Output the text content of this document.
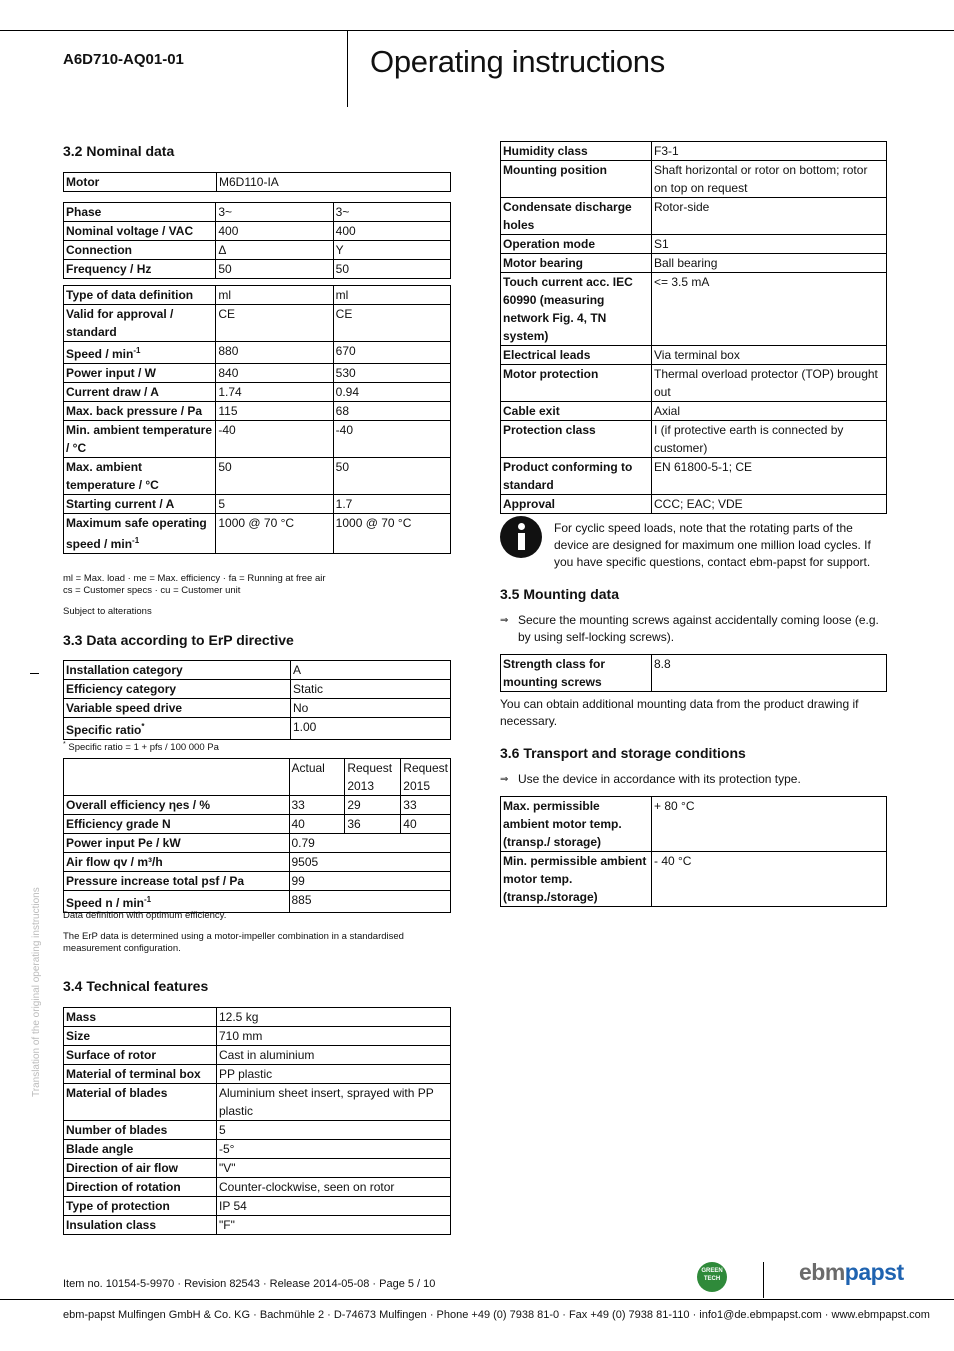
A6D710-AQ01-01	Operating instructions
Translation of the original operating instructions
3.2 Nominal data
Motor	M6D110-IA
Phase	3~	3~
Nominal voltage / VAC	400	400
Connection	Δ	Y
Frequency / Hz	50	50
Type of data definition	ml	ml
Valid for approval / standard	CE	CE
Speed / $\min^{-1}$	880	670
Power input / W	840	530
Current draw / A	1.74	0.94
Max. back pressure / Pa	115	68
Min. ambient temperature / °C	-40	-40
Max. ambient temperature / °C	50	50
Starting current / A	5	1.7
Maximum safe operating speed / $\min^{-1}$	1000 @ 70 °C	1000 @ 70 °C
ml = Max. load · me = Max. efficiency · fa = Running at free air
cs = Customer specs · cu = Customer unit
Subject to alterations
3.3 Data according to ErP directive
Installation category	A
Efficiency category	Static
Variable speed drive	No
Specific ratio*	1.00
* Specific ratio = 1 + pfs / 100 000 Pa
	Actual	Request 2013	Request 2015
Overall efficiency ηes / %	33	29	33
Efficiency grade N	40	36	40
Power input Pe / kW	0.79		
Air flow qv / m³/h	9505		
Pressure increase total psf / Pa	99		
Speed n / $\min^{-1}$	885		
Data definition with optimum efficiency.
The ErP data is determined using a motor-impeller combination in a standardised measurement configuration.
3.4 Technical features
Mass	12.5 kg
Size	710 mm
Surface of rotor	Cast in aluminium
Material of terminal box	PP plastic
Material of blades	Aluminium sheet insert, sprayed with PP plastic
Number of blades	5
Blade angle	-5°
Direction of air flow	"V"
Direction of rotation	Counter-clockwise, seen on rotor
Type of protection	IP 54
Insulation class	"F"
Humidity class	F3-1
Mounting position	Shaft horizontal or rotor on bottom; rotor on top on request
Condensate discharge holes	Rotor-side
Operation mode	S1
Motor bearing	Ball bearing
Touch current acc. IEC 60990 (measuring network Fig. 4, TN system)	<= 3.5 mA
Electrical leads	Via terminal box
Motor protection	Thermal overload protector (TOP) brought out
Cable exit	Axial
Protection class	I (if protective earth is connected by customer)
Product conforming to standard	EN 61800-5-1; CE
Approval	CCC; EAC; VDE
For cyclic speed loads, note that the rotating parts of the device are designed for maximum one million load cycles. If you have specific questions, contact ebm-papst for support.
3.5 Mounting data
⇒ Secure the mounting screws against accidentally coming loose (e.g. by using self-locking screws).
Strength class for mounting screws	8.8
You can obtain additional mounting data from the product drawing if necessary.
3.6 Transport and storage conditions
⇒ Use the device in accordance with its protection type.
Max. permissible ambient motor temp. (transp./ storage)	+ 80 °C
Min. permissible ambient motor temp. (transp./storage)	- 40 °C
Item no. 10154-5-9970 · Revision 82543 · Release 2014-05-08 · Page 5 / 10
GREEN TECH	ebmpapst
ebm-papst Mulfingen GmbH & Co. KG · Bachmühle 2 · D-74673 Mulfingen · Phone +49 (0) 7938 81-0 · Fax +49 (0) 7938 81-110 · info1@de.ebmpapst.com · www.ebmpapst.com
